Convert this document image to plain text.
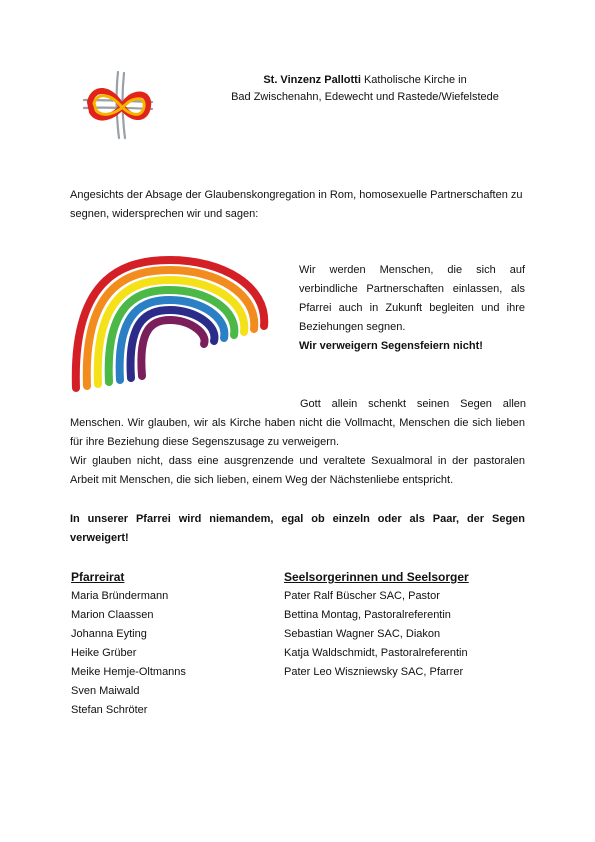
St. Vinzenz Pallotti Katholische Kirche in
Bad Zwischenahn, Edewecht und Rastede/Wiefelstede
Angesichts der Absage der Glaubenskongregation in Rom, homosexuelle Partnerschaften zu segnen, widersprechen wir und sagen:
Wir werden Menschen, die sich auf verbindliche Partnerschaften einlassen, als Pfarrei auch in Zukunft begleiten und ihre Beziehungen segnen.
Wir verweigern Segensfeiern nicht!
Gott allein schenkt seinen Segen allen
Menschen. Wir glauben, wir als Kirche haben nicht die Vollmacht, Menschen die sich lieben für ihre Beziehung diese Segenszusage zu verweigern.
Wir glauben nicht, dass eine ausgrenzende und veraltete Sexualmoral in der pastoralen Arbeit mit Menschen, die sich lieben, einem Weg der Nächstenliebe entspricht.
In unserer Pfarrei wird niemandem, egal ob einzeln oder als Paar, der Segen verweigert!
Pfarreirat
Maria Bründermann
Marion Claassen
Johanna Eyting
Heike Grüber
Meike Hemje-Oltmanns
Sven Maiwald
Stefan Schröter
Seelsorgerinnen und Seelsorger
Pater Ralf Büscher SAC, Pastor
Bettina Montag, Pastoralreferentin
Sebastian Wagner SAC, Diakon
Katja Waldschmidt, Pastoralreferentin
Pater Leo Wiszniewsky SAC, Pfarrer
